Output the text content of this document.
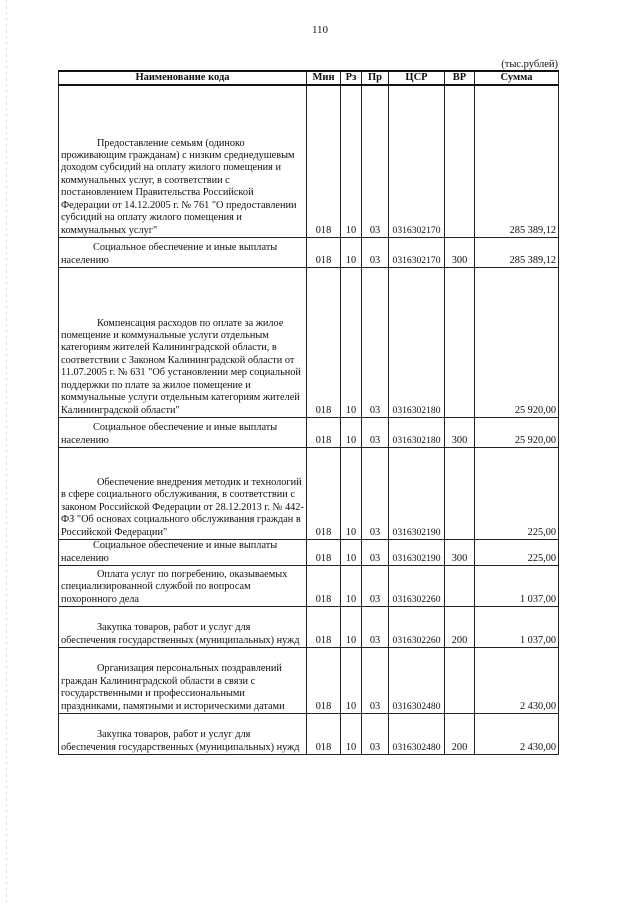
110
(тыс.рублей)
Наименование кода	Мин	Рз	Пр	ЦСР	ВР	Сумма
Предоставление семьям (одиноко проживающим гражданам) с низким среднедушевым доходом субсидий на оплату жилого помещения и коммунальных услуг, в соответствии с постановлением Правительства Российской Федерации от 14.12.2005 г. № 761 "О предоставлении субсидий на оплату жилого помещения и коммунальных услуг"	018	10	03	0316302170		285 389,12
Социальное обеспечение и иные выплаты населению	018	10	03	0316302170	300	285 389,12
Компенсация расходов по оплате за жилое помещение и коммунальные услуги отдельным категориям жителей Калининградской области, в соответствии с Законом Калининградской области от 11.07.2005 г. № 631 "Об установлении мер социальной поддержки по плате за жилое помещение и коммунальные услуги отдельным категориям жителей Калининградской области"	018	10	03	0316302180		25 920,00
Социальное обеспечение и иные выплаты населению	018	10	03	0316302180	300	25 920,00
Обеспечение внедрения методик и технологий в сфере социального обслуживания, в соответствии с законом Российской Федерации от 28.12.2013 г. № 442-ФЗ "Об основах социального обслуживания граждан в Российской Федерации"	018	10	03	0316302190		225,00
Социальное обеспечение и иные выплаты населению	018	10	03	0316302190	300	225,00
Оплата услуг по погребению, оказываемых специализированной службой по вопросам похоронного дела	018	10	03	0316302260		1 037,00
Закупка товаров, работ и услуг для обеспечения государственных (муниципальных) нужд	018	10	03	0316302260	200	1 037,00
Организация персональных поздравлений граждан Калининградской области в связи с государственными и профессиональными праздниками, памятными и историческими датами	018	10	03	0316302480		2 430,00
Закупка товаров, работ и услуг для обеспечения государственных (муниципальных) нужд	018	10	03	0316302480	200	2 430,00
